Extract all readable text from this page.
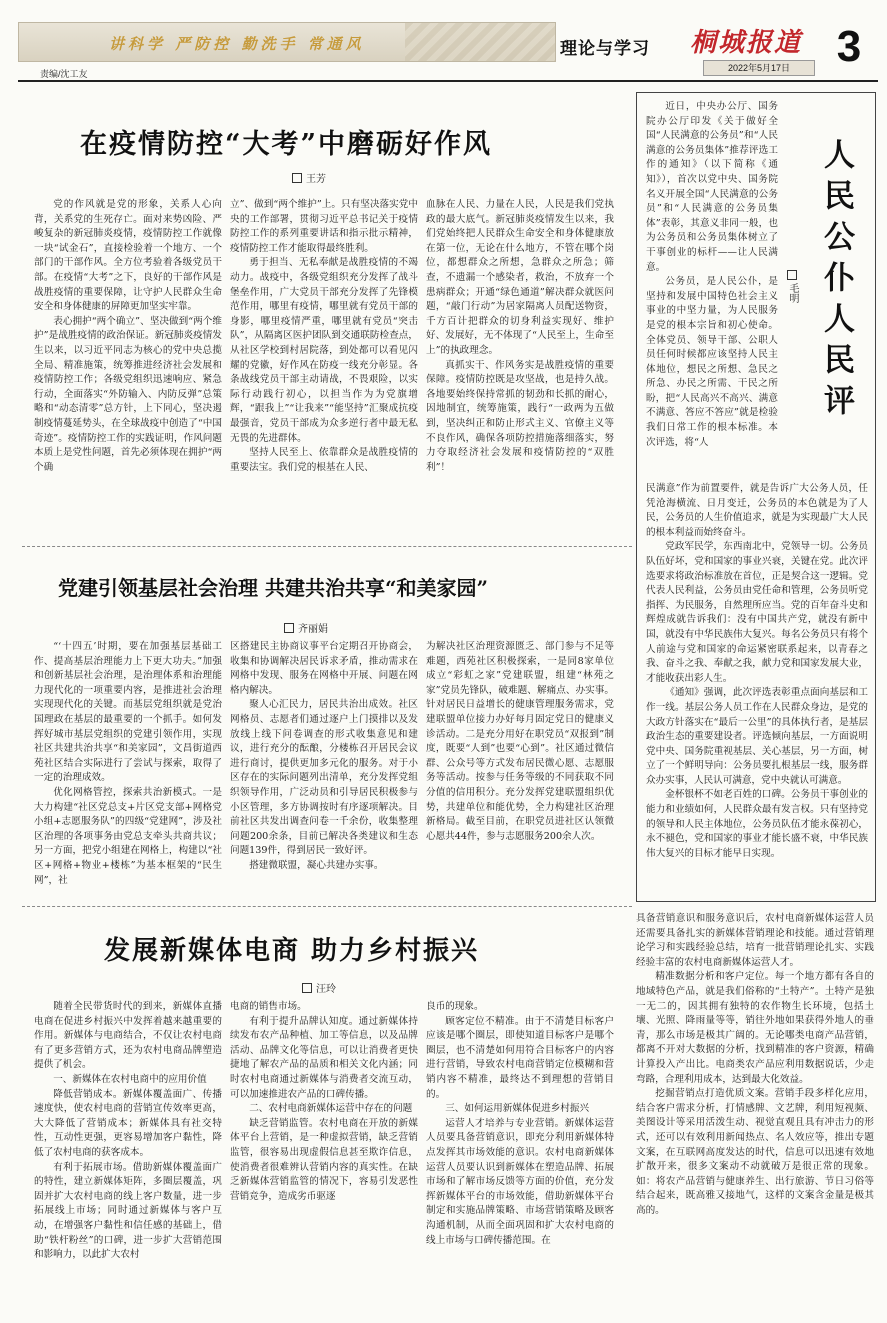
讲科学 严防控 勤洗手 常通风	理论与学习 桐城报道 3
2022年5月17日
责编/沈工友
在疫情防控“大考”中磨砺好作风
王芳

党的作风就是党的形象，关系人心向背，关系党的生死存亡。面对来势凶险、严峻复杂的新冠肺炎疫情，疫情防控工作就像一块“试金石”，直接检验着一个地方、一个部门的干部作风。全方位考验着各级党员干部。在疫情“大考”之下，良好的干部作风是战胜疫情的重要保障，让守护人民群众生命安全和身体健康的屏障更加坚实牢靠。

表心拥护“两个确立”、坚决做到“两个维护”是战胜疫情的政治保证。新冠肺炎疫情发生以来，以习近平同志为核心的党中央总揽全局、精准施策，统筹推进经济社会发展和疫情防控工作；各级党组织迅速响应、紧急行动，全面落实“外防输入、内防反弹”总策略和“动态清零”总方针，上下同心，坚决遏制疫情蔓延势头，在全球战疫中创造了“中国奇迹”。疫情防控工作的实践证明，作风问题本质上是党性问题，首先必须体现在拥护“两个确

立”、做到“两个维护”上。只有坚决落实党中央的工作部署，贯彻习近平总书记关于疫情防控工作的系列重要讲话和指示批示精神，疫情防控工作才能取得最终胜利。

勇于担当、无私奉献是战胜疫情的不竭动力。战疫中，各级党组织充分发挥了战斗堡垒作用，广大党员干部充分发挥了先锋模范作用，哪里有疫情，哪里就有党员干部的身影，哪里疫情严重，哪里就有党员“突击队”，从隔离区医护团队到交通联防检查点，从社区学校到村居院落，到处都可以看见闪耀的党徽，好作风在防疫一线充分彰显。各条战线党员干部主动请战，不畏艰险，以实际行动践行初心，以担当作为为党旗增辉，“跟我上”“让我来”“能坚持”汇聚成抗疫最强音，党员干部成为众多逆行者中最无私无畏的先进群体。

坚持人民至上、依靠群众是战胜疫情的重要法宝。我们党的根基在人民、

血脉在人民、力量在人民，人民是我们党执政的最大底气。新冠肺炎疫情发生以来，我们党始终把人民群众生命安全和身体健康放在第一位，无论在什么地方，不管在哪个岗位，都想群众之所想，急群众之所急；筛查，不遗漏一个感染者，救治，不放弃一个患病群众；开通“绿色通道”解决群众就医问题，“敲门行动”为居家隔离人员配送物资，千方百计把群众的切身利益实现好、维护好、发展好，无不体现了“人民至上，生命至上”的执政理念。

真抓实干、作风务实是战胜疫情的重要保障。疫情防控既是攻坚战，也是持久战。各地要始终保持常抓的韧劲和长抓的耐心，因地制宜，统筹施策，践行“一政两为五做到，坚决纠正和防止形式主义、官僚主义等不良作风，确保各项防控措施落细落实，努力夺取经济社会发展和疫情防控的“双胜利”！

党建引领基层社会治理 共建共治共享“和美家园”
齐丽娟

“‘十四五’时期，要在加强基层基础工作、提高基层治理能力上下更大功夫。”加强和创新基层社会治理，是治理体系和治理能力现代化的一项重要内容，是推进社会治理实现现代化的关键。而基层党组织就是党治国理政在基层的最重要的一个抓手。如何发挥好城市基层党组织的党建引领作用，实现社区共建共治共享“和美家园”，文昌街道西苑社区结合实际进行了尝试与探索，取得了一定的治理成效。

优化网格管控，探索共治新模式。一是大力构建“社区党总支+片区党支部+网格党小组+志愿服务队”的四级“党建网”，涉及社区治理的各项事务由党总支牵头共商共议；另一方面，把党小组建在网格上，构建以“社区+网格+物业+楼栋”为基本框架的“民生网”，社

区搭建民主协商议事平台定期召开协商会，收集和协调解决居民诉求矛盾，推动需求在网格中发现、服务在网格中开展、问题在网格内解决。

聚人心汇民力，居民共治出成效。社区网格员、志愿者们通过逐户上门摸排以及发放线上线下问卷调查的形式收集意见和建议，进行充分的酝酿，分楼栋召开居民会议进行商讨，提供更加多元化的服务。对于小区存在的实际问题列出清单，充分发挥党组织领导作用，广泛动员和引导居民积极参与小区管理，多方协调按时有序逐项解决。目前社区共发出调查问卷一千余份，收集整理问题200余条，目前已解决各类建议和生态问题139件，得到居民一致好评。

搭建微联盟，凝心共建办实事。

为解决社区治理资源匮乏、部门参与不足等难题，西苑社区积极探索，一是同8家单位成立“彩虹之家”党建联盟，组建“林苑之家”党员先锋队，破难题、解痛点、办实事。针对居民日益增长的健康管理服务需求，党建联盟单位接力办好每月固定党日的健康义诊活动。二是充分用好在职党员“双报到”制度，既要“人到”也要“心到”。社区通过微信群、公众号等方式发布居民微心愿、志愿服务等活动。按参与任务等级的不同获取不同分值的信用积分。充分发挥党建联盟组织优势，共建单位和能优势，全力构建社区治理新格局。截至目前，在职党员进社区认领微心愿共44件，参与志愿服务200余人次。

发展新媒体电商 助力乡村振兴
汪玲

随着全民带货时代的到来，新媒体直播电商在促进乡村振兴中发挥着越来越重要的作用。新媒体与电商结合，不仅让农村电商有了更多营销方式，还为农村电商品牌塑造提供了机会。

一、新媒体在农村电商中的应用价值

降低营销成本。新媒体覆盖面广、传播速度快，使农村电商的营销宣传效率更高，大大降低了营销成本；新媒体具有社交特性，互动性更强，更容易增加客户黏性，降低了农村电商的获客成本。

有利于拓展市场。借助新媒体覆盖面广的特性，建立新媒体矩阵，多圈层覆盖，巩固并扩大农村电商的线上客户数量，进一步拓展线上市场；同时通过新媒体与客户互动，在增强客户黏性和信任感的基础上，借助“铁杆粉丝”的口碑，进一步扩大营销范围和影响力，以此扩大农村

电商的销售市场。

有利于提升品牌认知度。通过新媒体持续发布农产品种植、加工等信息，以及品牌活动、品牌文化等信息，可以让消费者更快捷地了解农产品的品质和相关文化内涵；同时农村电商通过新媒体与消费者交流互动，可以加速推进农产品的口碑传播。

二、农村电商新媒体运营中存在的问题

缺乏营销监管。农村电商在开放的新媒体平台上营销，是一种虚拟营销，缺乏营销监管，很容易出现虚假信息甚至欺诈信息，使消费者很难辨认营销内容的真实性。在缺乏新媒体营销监管的情况下，容易引发恶性营销竞争，造成劣币驱逐

良币的现象。

顾客定位不精准。由于不清楚目标客户应该是哪个圈层，即使知道目标客户是哪个圈层，也不清楚如何用符合目标客户的内容进行营销，导致农村电商营销定位模糊和营销内容不精准，最终达不到理想的营销目的。

三、如何运用新媒体促进乡村振兴

运营人才培养与专业营销。新媒体运营人员要具备营销意识，即充分利用新媒体特点发挥其市场效能的意识。农村电商新媒体运营人员要认识到新媒体在塑造品牌、拓展市场和了解市场反馈等方面的价值，充分发挥新媒体平台的市场效能，借助新媒体平台制定和实施品牌策略、市场营销策略及顾客沟通机制，从而全面巩固和扩大农村电商的线上市场与口碑传播范围。在

人民公仆人民评
毛明

近日，中央办公厅、国务院办公厅印发《关于做好全国“人民满意的公务员”和“人民满意的公务员集体”推荐评选工作的通知》（以下简称《通知》），首次以党中央、国务院名义开展全国“人民满意的公务员”和“人民满意的公务员集体”表彰，其意义非同一般，也为公务员和公务员集体树立了干事创业的标杆——让人民满意。

公务员，是人民公仆，是坚持和发展中国特色社会主义事业的中坚力量，为人民服务是党的根本宗旨和初心使命。全体党员、领导干部、公职人员任何时候都应该坚持人民主体地位，想民之所想、急民之所急、办民之所需、干民之所盼，把“人民高兴不高兴、满意不满意、答应不答应”就是检验我们日常工作的根本标准。本次评选，将“人

民满意”作为前置要件，就是告诉广大公务人员，任凭沧海横流、日月变迁，公务员的本色就是为了人民，公务员的人生价值追求，就是为实现最广大人民的根本利益而始终奋斗。

党政军民学，东西南北中，党领导一切。公务员队伍好坏，党和国家的事业兴衰，关键在党。此次评选要求将政治标准放在首位，正是契合这一逻辑。党代表人民利益，公务员由党任命和管理，公务员听党指挥、为民服务，自然理所应当。党的百年奋斗史和辉煌成就告诉我们：没有中国共产党，就没有新中国，就没有中华民族伟大复兴。每名公务员只有将个人前途与党和国家的命运紧密联系起来，以青春之我、奋斗之我、奉献之我，献力党和国家发展大业，才能收获出彩人生。

《通知》强调，此次评选表彰重点面向基层和工作一线。基层公务人员工作在人民群众身边，是党的大政方针落实在“最后一公里”的具体执行者，是基层政治生态的重要建设者。评选倾向基层，一方面说明党中央、国务院重视基层、关心基层，另一方面，树立了一个鲜明导向：公务员要扎根基层一线，服务群众办实事，人民认可满意，党中央就认可满意。

金杯银杯不如老百姓的口碑。公务员干事创业的能力和业绩如何，人民群众最有发言权。只有坚持党的领导和人民主体地位，公务员队伍才能永葆初心，永不褪色，党和国家的事业才能长盛不衰，中华民族伟大复兴的目标才能早日实现。

具备营销意识和服务意识后，农村电商新媒体运营人员还需要具备扎实的新媒体营销理论和技能。通过营销理论学习和实践经验总结，培育一批营销理论扎实、实践经验丰富的农村电商新媒体运营人才。

精准数据分析和客户定位。每一个地方都有各自的地域特色产品，就是我们俗称的“土特产”。土特产是独一无二的，因其拥有独特的农作物生长环境，包括土壤、光照、降雨量等等，销往外地如果获得外地人的垂青，那么市场是极其广阔的。无论哪类电商产品营销，都离不开对大数据的分析，找到精准的客户资源，精确计算投入产出比。电商类农产品应利用数据说话，少走弯路，合理利用成本，达到最大化效益。

挖掘营销点打造优质文案。营销手段多样化应用，结合客户需求分析，打情感牌、文艺牌，利用短视频、美图设计等采用活泼生动、视觉直观且具有冲击力的形式，还可以有效利用新闻热点、名人效应等，推出专题文案，在互联网高度发达的时代，信息可以迅速有效地扩散开来，很多文案动不动就破万是很正常的现象。如：将农产品营销与健康养生、出行旅游、节日习俗等结合起来，既高雅又接地气，这样的文案含金量是极其高的。
